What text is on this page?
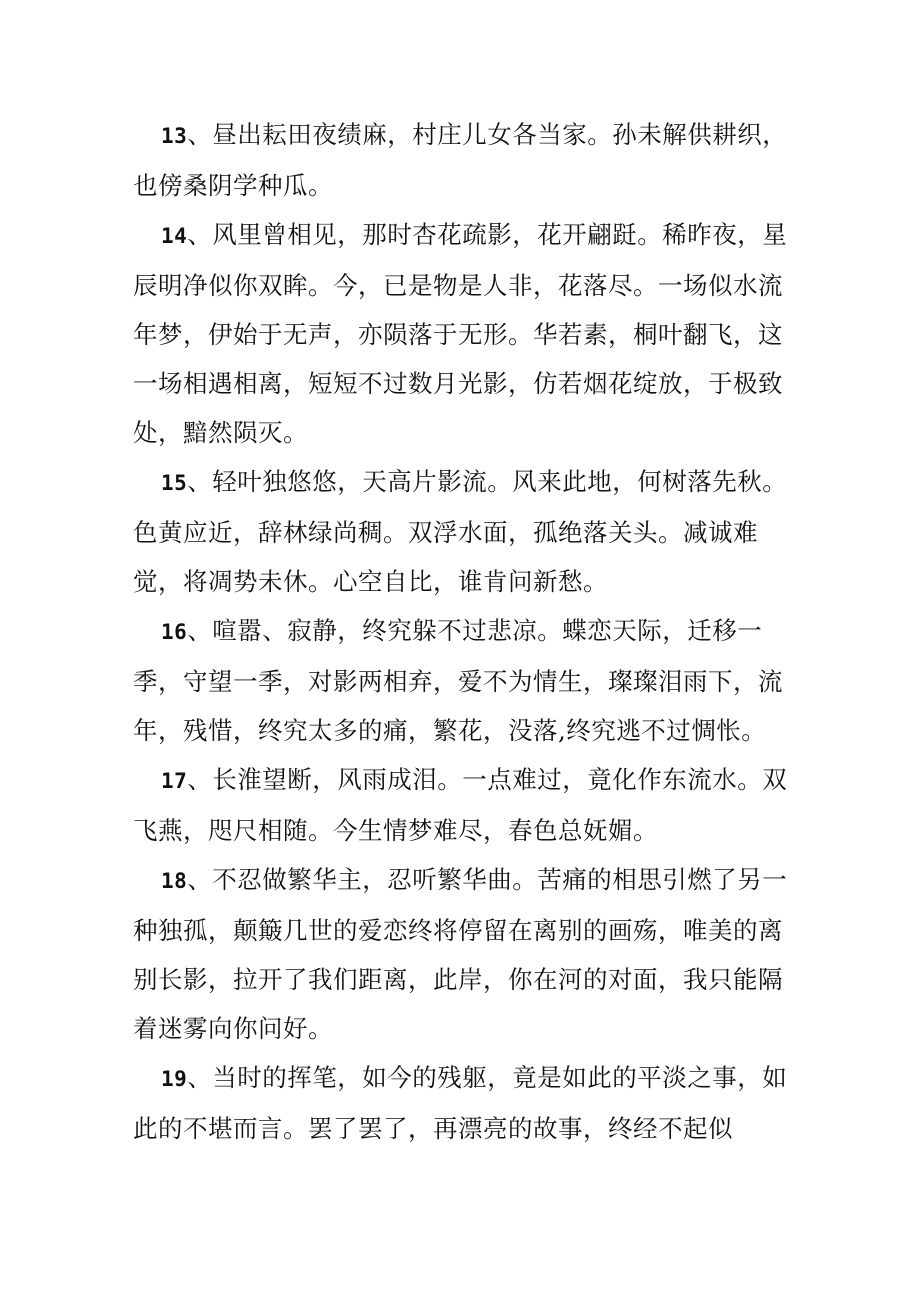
13、昼出耘田夜绩麻，村庄儿女各当家。孙未解供耕织，也傍桑阴学种瓜。

14、风里曾相见，那时杏花疏影，花开翩跹。稀昨夜，星辰明净似你双眸。今，已是物是人非，花落尽。一场似水流年梦，伊始于无声，亦陨落于无形。华若素，桐叶翻飞，这一场相遇相离，短短不过数月光影，仿若烟花绽放，于极致处，黯然陨灭。

15、轻叶独悠悠，天高片影流。风来此地，何树落先秋。色黄应近，辞林绿尚稠。双浮水面，孤绝落关头。减诚难觉，将凋势未休。心空自比，谁肯问新愁。

16、喧嚣、寂静，终究躲不过悲凉。蝶恋天际，迁移一季，守望一季，对影两相弃，爱不为情生，璨璨泪雨下，流年，残惜，终究太多的痛，繁花，没落,终究逃不过惆怅。

17、长淮望断，风雨成泪。一点难过，竟化作东流水。双飞燕，咫尺相随。今生情梦难尽，春色总妩媚。

18、不忍做繁华主，忍听繁华曲。苦痛的相思引燃了另一种独孤，颠簸几世的爱恋终将停留在离别的画殇，唯美的离别长影，拉开了我们距离，此岸，你在河的对面，我只能隔着迷雾向你问好。

19、当时的挥笔，如今的残躯，竟是如此的平淡之事，如此的不堪而言。罢了罢了，再漂亮的故事，终经不起似
